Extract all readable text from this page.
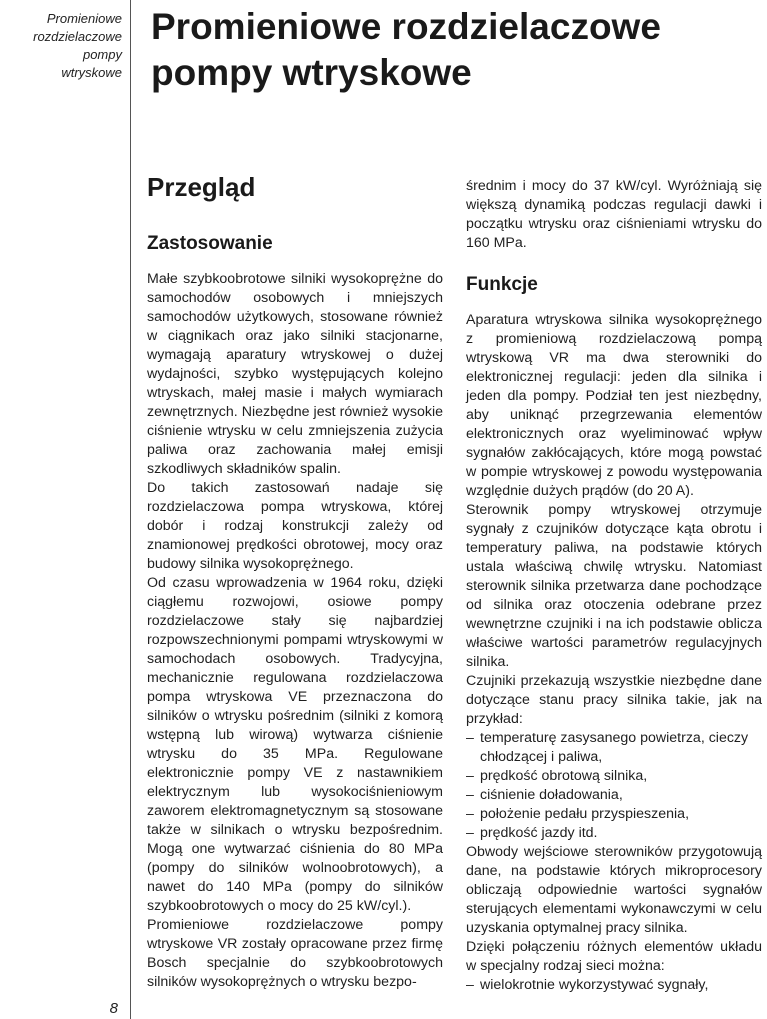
Promieniowe
rozdzielaczowe
pompy
wtryskowe
8
Promieniowe rozdzielaczowe
pompy wtryskowe
Przegląd
Zastosowanie

Małe szybkoobrotowe silniki wysokoprężne do samochodów osobowych i mniejszych samochodów użytkowych, stosowane również w ciągnikach oraz jako silniki stacjonarne, wymagają aparatury wtryskowej o dużej wydajności, szybko występujących kolejno wtryskach, małej masie i małych wymiarach zewnętrznych. Niezbędne jest również wysokie ciśnienie wtrysku w celu zmniejszenia zużycia paliwa oraz zachowania małej emisji szkodliwych składników spalin.

Do takich zastosowań nadaje się rozdzielaczowa pompa wtryskowa, której dobór i rodzaj konstrukcji zależy od znamionowej prędkości obrotowej, mocy oraz budowy silnika wysokoprężnego.

Od czasu wprowadzenia w 1964 roku, dzięki ciągłemu rozwojowi, osiowe pompy rozdzielaczowe stały się najbardziej rozpowszechnionymi pompami wtryskowymi w samochodach osobowych. Tradycyjna, mechanicznie regulowana rozdzielaczowa pompa wtryskowa VE przeznaczona do silników o wtrysku pośrednim (silniki z komorą wstępną lub wirową) wytwarza ciśnienie wtrysku do 35 MPa. Regulowane elektronicznie pompy VE z nastawnikiem elektrycznym lub wysokociśnieniowym zaworem elektromagnetycznym są stosowane także w silnikach o wtrysku bezpośrednim. Mogą one wytwarzać ciśnienia do 80 MPa (pompy do silników wolnoobrotowych), a nawet do 140 MPa (pompy do silników szybkoobrotowych o mocy do 25 kW/cyl.).

Promieniowe rozdzielaczowe pompy wtryskowe VR zostały opracowane przez firmę Bosch specjalnie do szybkoobrotowych silników wysokoprężnych o wtrysku bezpo-

średnim i mocy do 37 kW/cyl. Wyróżniają się większą dynamiką podczas regulacji dawki i początku wtrysku oraz ciśnieniami wtrysku do 160 MPa.

Funkcje

Aparatura wtryskowa silnika wysokoprężnego z promieniową rozdzielaczową pompą wtryskową VR ma dwa sterowniki do elektronicznej regulacji: jeden dla silnika i jeden dla pompy. Podział ten jest niezbędny, aby uniknąć przegrzewania elementów elektronicznych oraz wyeliminować wpływ sygnałów zakłócających, które mogą powstać w pompie wtryskowej z powodu występowania względnie dużych prądów (do 20 A).

Sterownik pompy wtryskowej otrzymuje sygnały z czujników dotyczące kąta obrotu i temperatury paliwa, na podstawie których ustala właściwą chwilę wtrysku. Natomiast sterownik silnika przetwarza dane pochodzące od silnika oraz otoczenia odebrane przez wewnętrzne czujniki i na ich podstawie oblicza właściwe wartości parametrów regulacyjnych silnika.

Czujniki przekazują wszystkie niezbędne dane dotyczące stanu pracy silnika takie, jak na przykład:

– temperaturę zasysanego powietrza, cieczy chłodzącej i paliwa,
– prędkość obrotową silnika,
– ciśnienie doładowania,
– położenie pedału przyspieszenia,
– prędkość jazdy itd.

Obwody wejściowe sterowników przygotowują dane, na podstawie których mikroprocesory obliczają odpowiednie wartości sygnałów sterujących elementami wykonawczymi w celu uzyskania optymalnej pracy silnika.

Dzięki połączeniu różnych elementów układu w specjalny rodzaj sieci można:

– wielokrotnie wykorzystywać sygnały,
